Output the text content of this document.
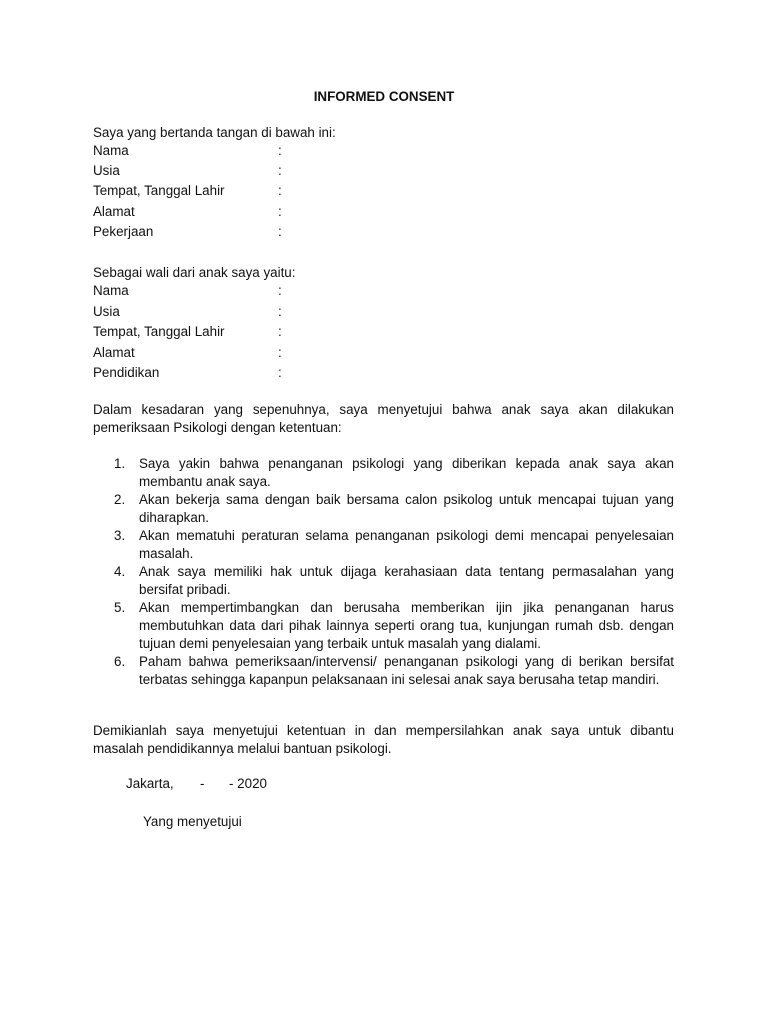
INFORMED CONSENT
Saya yang bertanda tangan di bawah ini:
Nama	:
Usia	:
Tempat, Tanggal Lahir	:
Alamat	:
Pekerjaan	:
Sebagai wali dari anak saya yaitu:
Nama	:
Usia	:
Tempat, Tanggal Lahir	:
Alamat	:
Pendidikan	:

Dalam kesadaran yang sepenuhnya, saya menyetujui bahwa anak saya akan dilakukan pemeriksaan Psikologi dengan ketentuan:

1. Saya yakin bahwa penanganan psikologi yang diberikan kepada anak saya akan membantu anak saya.
2. Akan bekerja sama dengan baik bersama calon psikolog untuk mencapai tujuan yang diharapkan.
3. Akan mematuhi peraturan selama penanganan psikologi demi mencapai penyelesaian masalah.
4. Anak saya memiliki hak untuk dijaga kerahasiaan data tentang permasalahan yang bersifat pribadi.
5. Akan mempertimbangkan dan berusaha memberikan ijin jika penanganan harus membutuhkan data dari pihak lainnya seperti orang tua, kunjungan rumah dsb. dengan tujuan demi penyelesaian yang terbaik untuk masalah yang dialami.
6. Paham bahwa pemeriksaan/intervensi/ penanganan psikologi yang di berikan bersifat terbatas sehingga kapanpun pelaksanaan ini selesai anak saya berusaha tetap mandiri.

Demikianlah saya menyetujui ketentuan in dan mempersilahkan anak saya untuk dibantu masalah pendidikannya melalui bantuan psikologi.

Jakarta, - - 2020
Yang menyetujui
